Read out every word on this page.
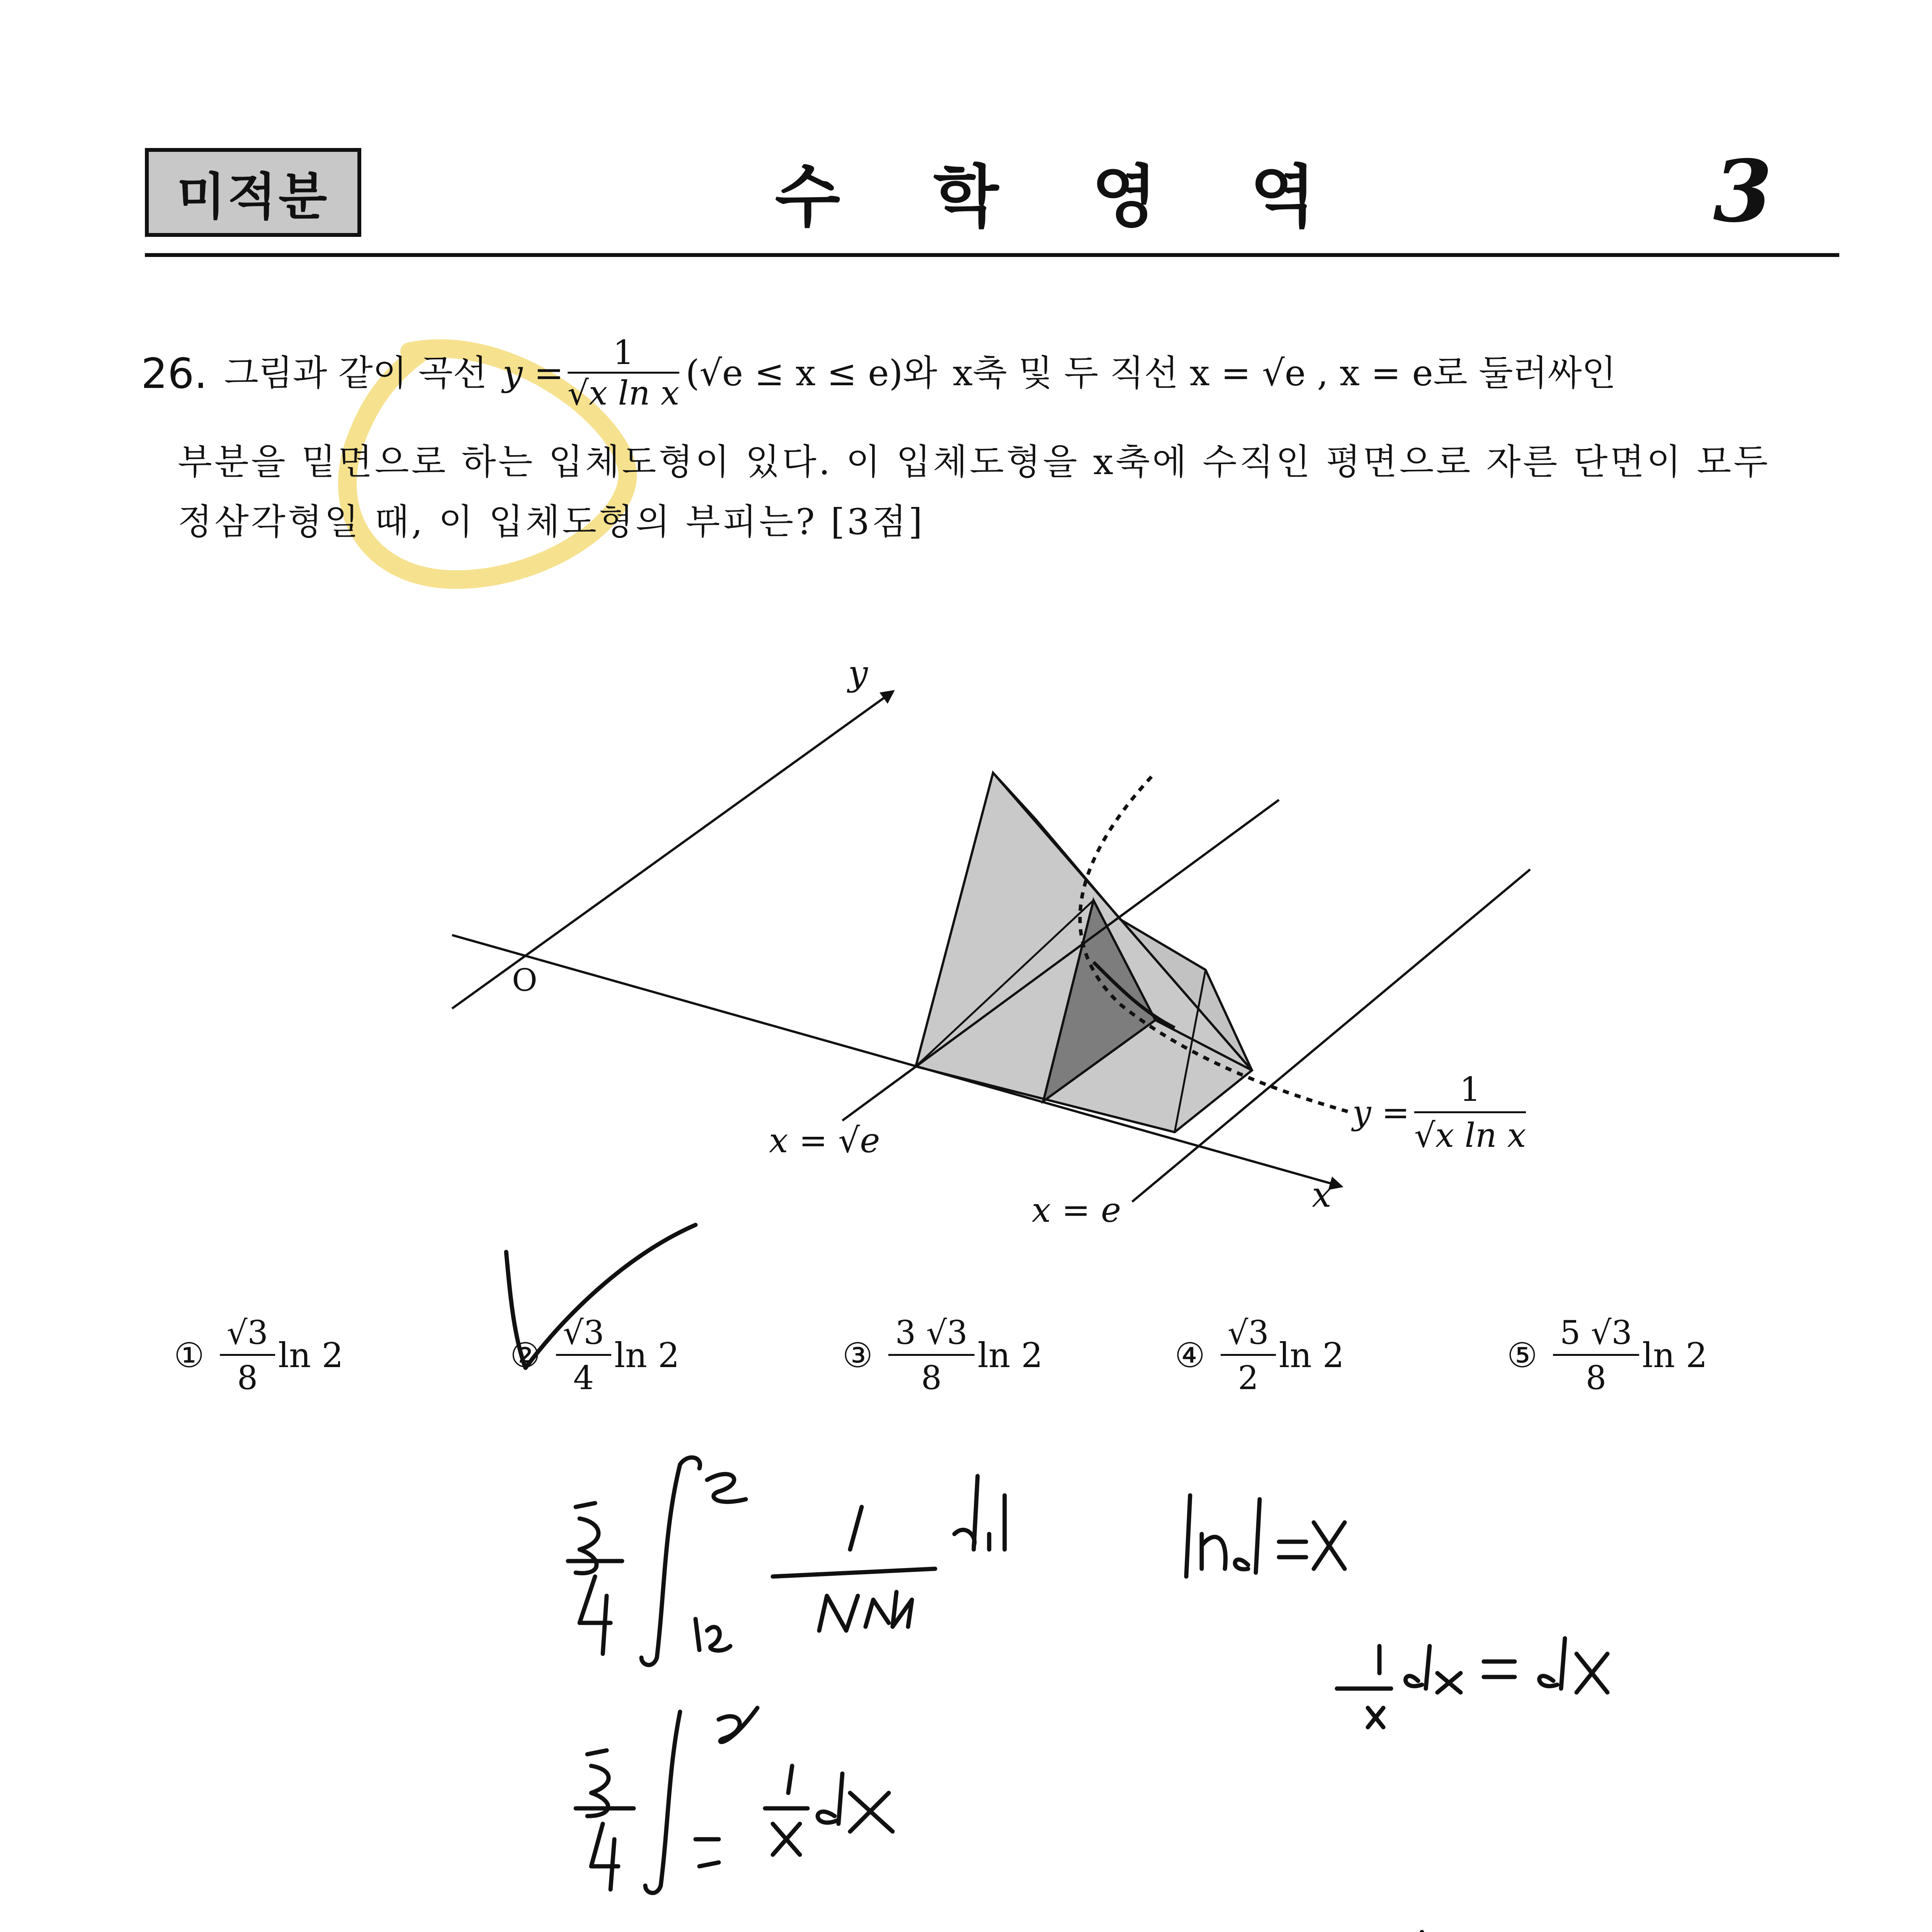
미적분	수 학 영 역	3
26. 그림과 같이 곡선 $y = \frac{1}{\text{√x ln x}} (√e \le x \le e)$와 x축 및 두 직선 x = √e , x = e로 둘러싸인
부분을 밑면으로 하는 입체도형이 있다. 이 입체도형을 x축에 수직인 평면으로 자른 단면이 모두
정삼각형일 때, 이 입체도형의 부피는? [3점]
y
O
x
x = √e
x = e
$y = \frac{1}{\text{√x ln x}}$
① $\frac{√3}{8}$ ln 2	② $\frac{√3}{4}$ ln 2	③ $\frac{3 √3}{8}$ ln 2	④ $\frac{√3}{2}$ ln 2	⑤ $\frac{5 √3}{8}$ ln 2
